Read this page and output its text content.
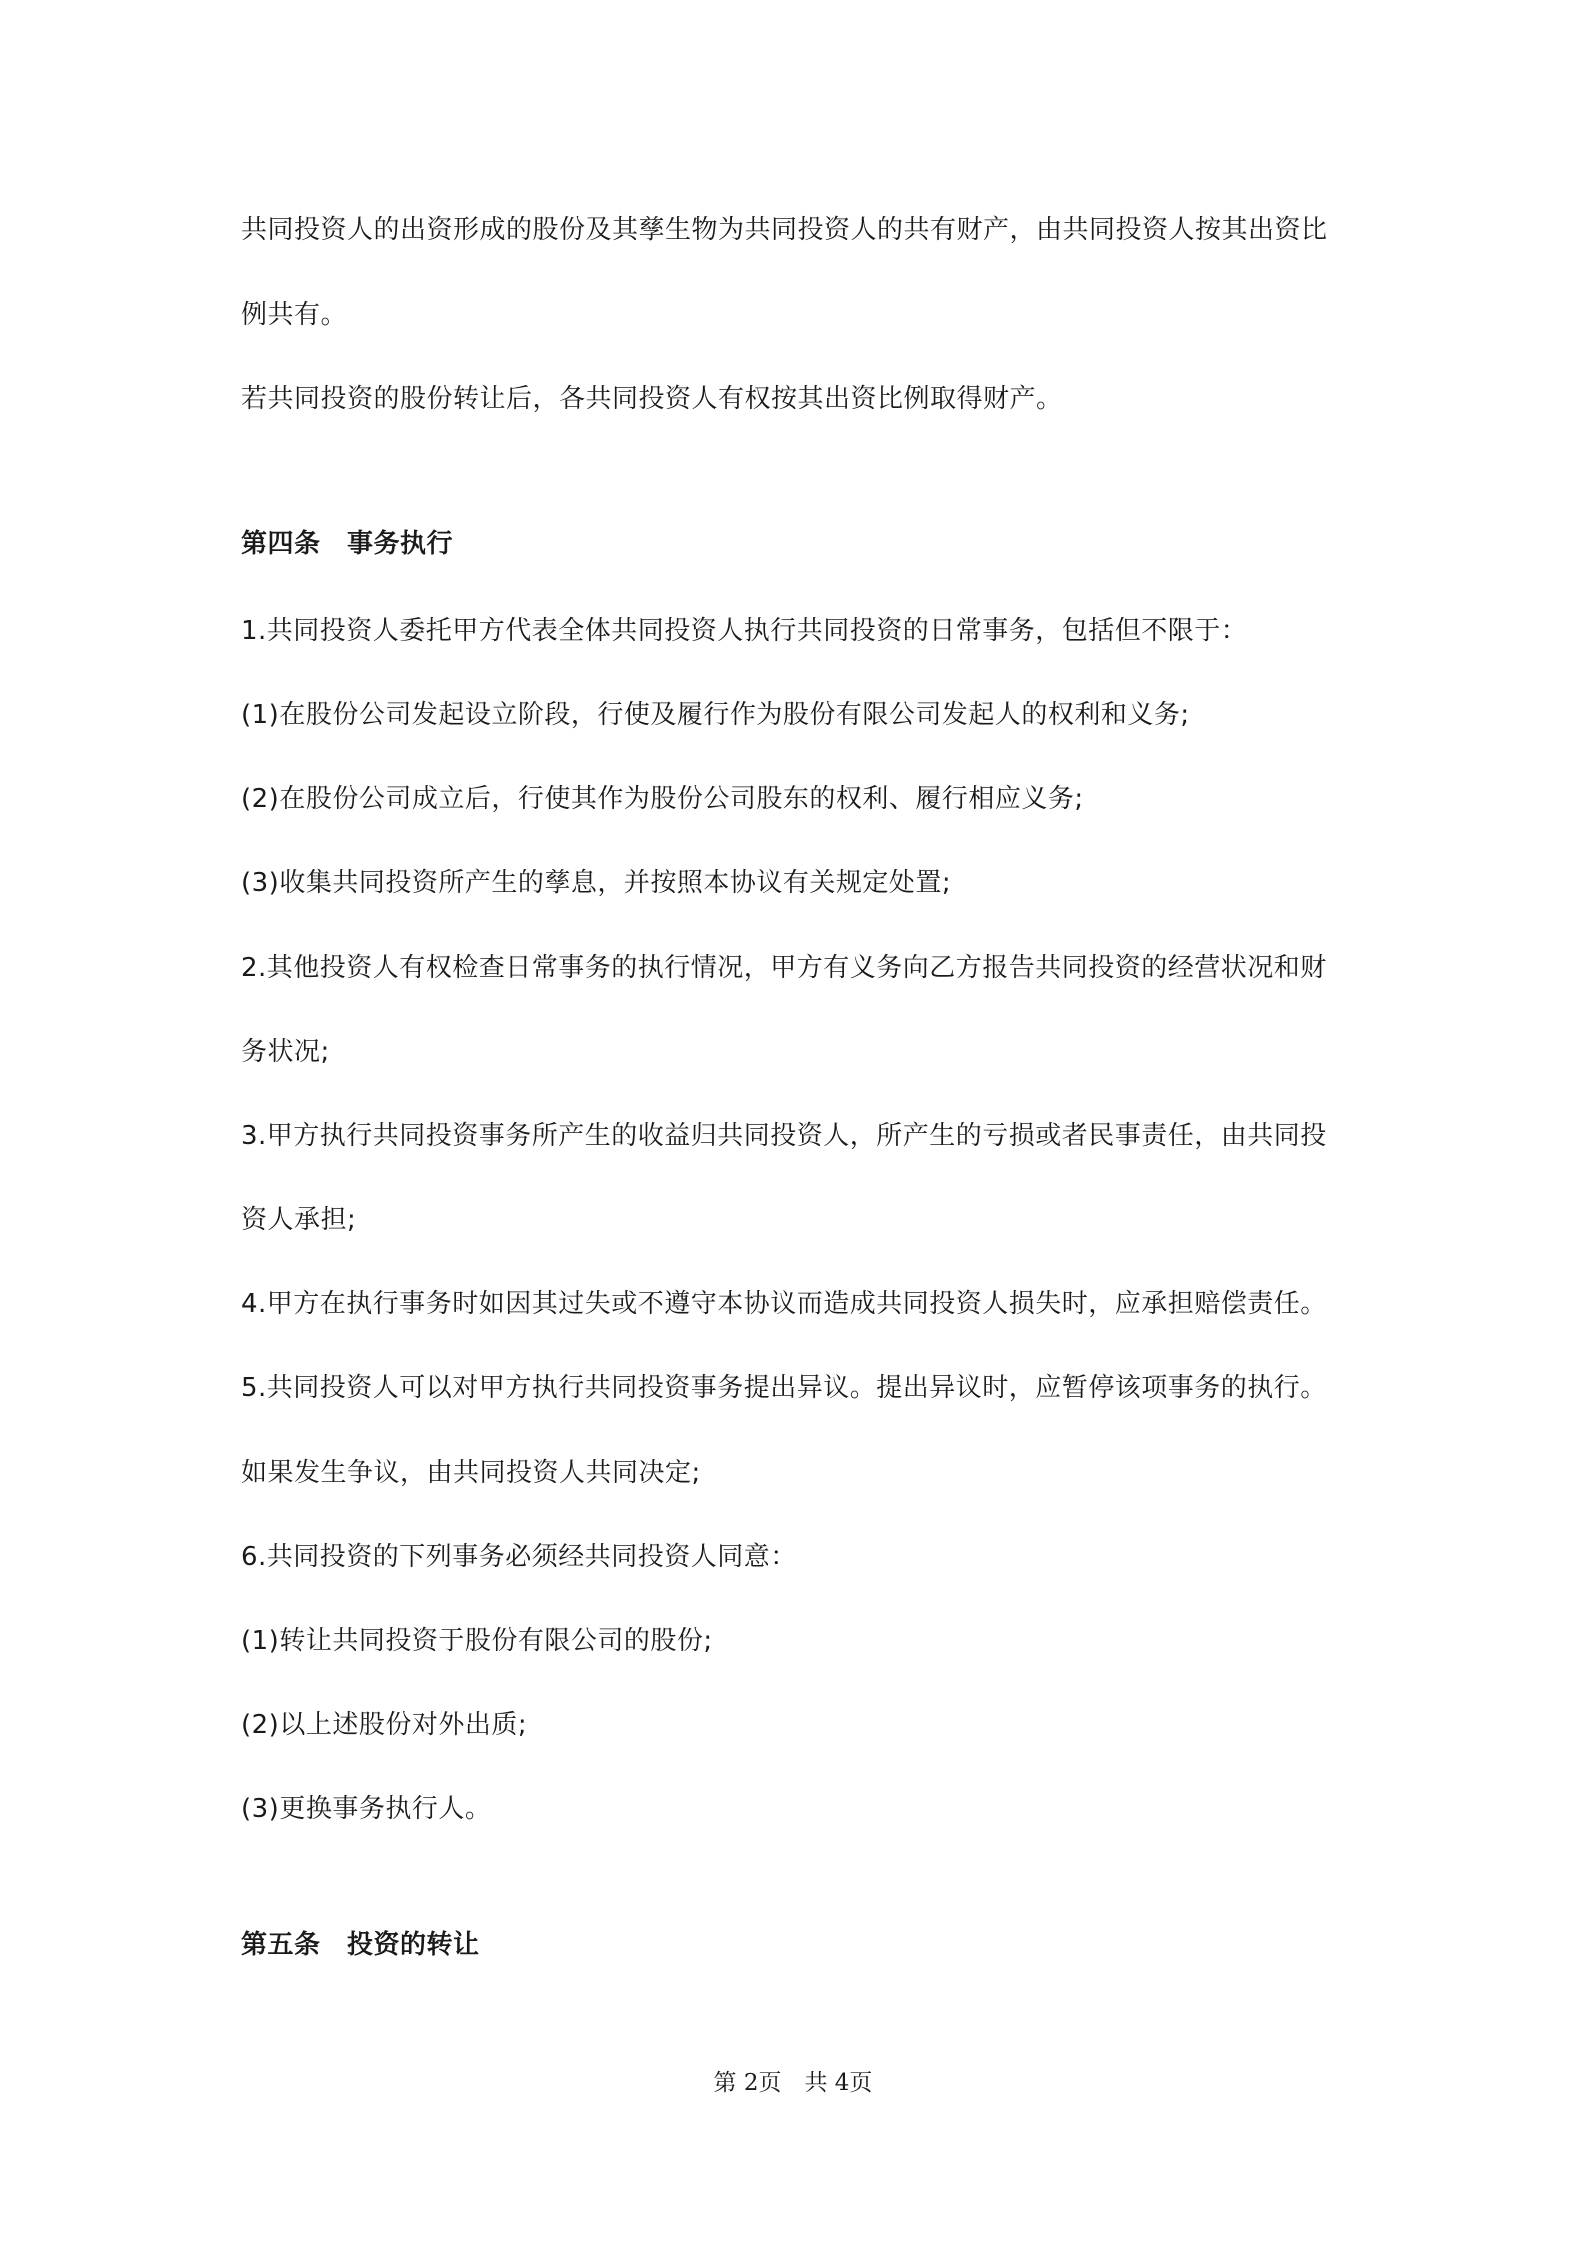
共同投资人的出资形成的股份及其孳生物为共同投资人的共有财产，由共同投资人按其出资比
例共有。
若共同投资的股份转让后，各共同投资人有权按其出资比例取得财产。
第四条　事务执行
1.共同投资人委托甲方代表全体共同投资人执行共同投资的日常事务，包括但不限于：
(1)在股份公司发起设立阶段，行使及履行作为股份有限公司发起人的权利和义务;
(2)在股份公司成立后，行使其作为股份公司股东的权利、履行相应义务;
(3)收集共同投资所产生的孳息，并按照本协议有关规定处置;
2.其他投资人有权检查日常事务的执行情况，甲方有义务向乙方报告共同投资的经营状况和财
务状况;
3.甲方执行共同投资事务所产生的收益归共同投资人，所产生的亏损或者民事责任，由共同投
资人承担;
4.甲方在执行事务时如因其过失或不遵守本协议而造成共同投资人损失时，应承担赔偿责任。
5.共同投资人可以对甲方执行共同投资事务提出异议。提出异议时，应暂停该项事务的执行。
如果发生争议，由共同投资人共同决定;
6.共同投资的下列事务必须经共同投资人同意：
(1)转让共同投资于股份有限公司的股份;
(2)以上述股份对外出质;
(3)更换事务执行人。
第五条　投资的转让
第 2页　共 4页
